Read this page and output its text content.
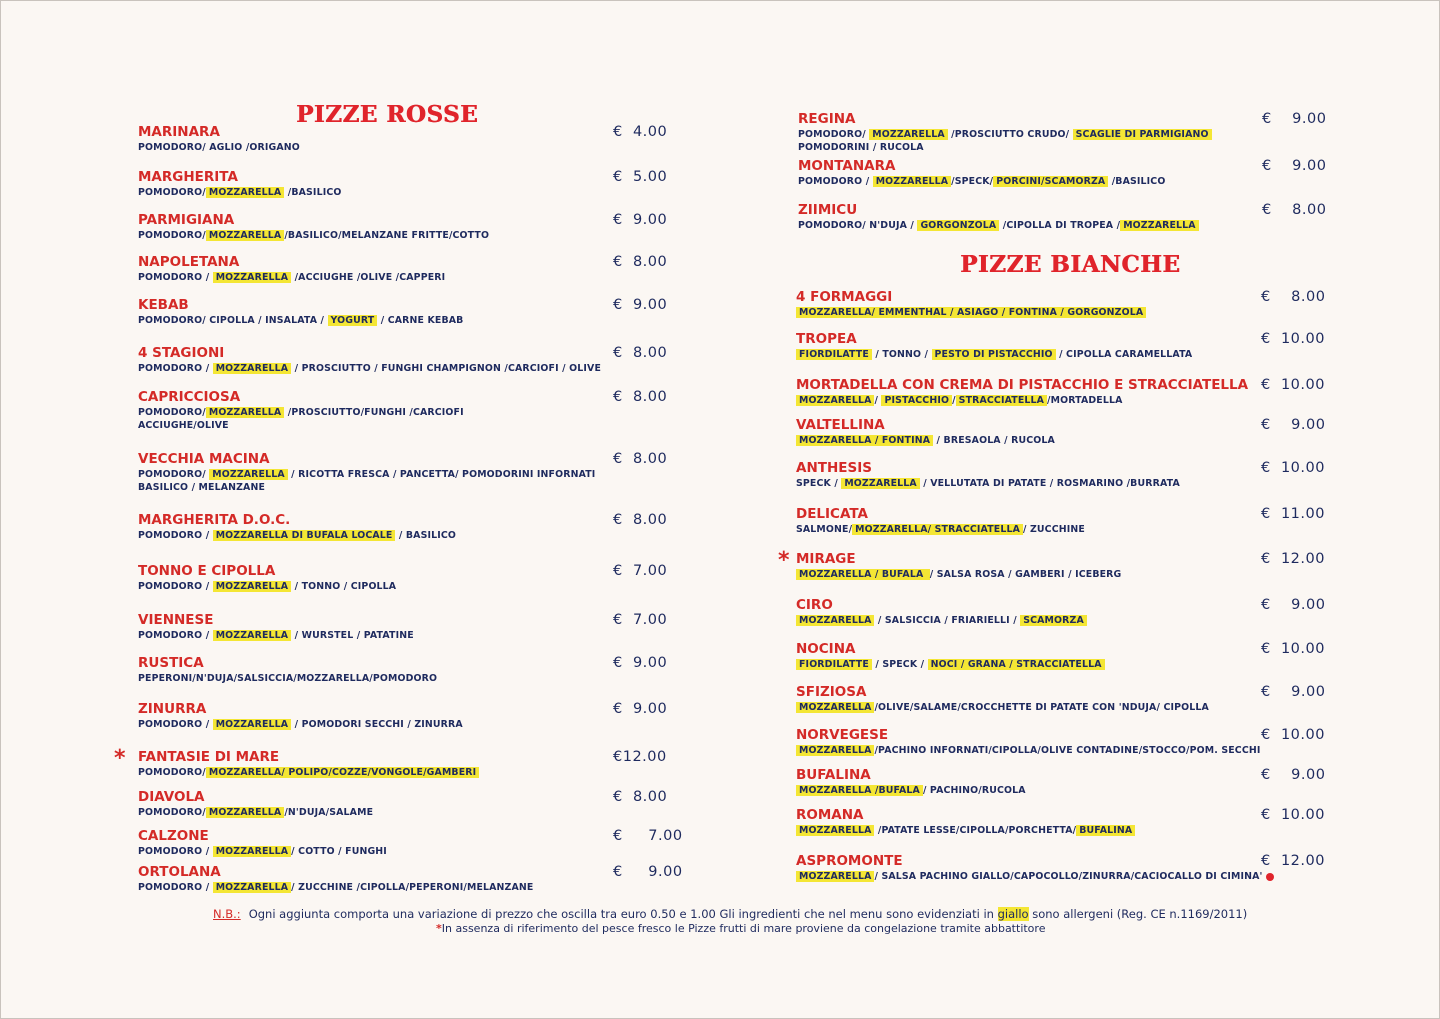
PIZZE ROSSE
PIZZE BIANCHE
MARINARA
POMODORO/ AGLIO /ORIGANO
€  4.00
MARGHERITA
POMODORO/ MOZZARELLA /BASILICO
€  5.00
PARMIGIANA
POMODORO/ MOZZARELLA /BASILICO/MELANZANE FRITTE/COTTO
€  9.00
NAPOLETANA
POMODORO / MOZZARELLA /ACCIUGHE /OLIVE /CAPPERI
€  8.00
KEBAB
POMODORO/ CIPOLLA / INSALATA / YOGURT / CARNE KEBAB
€  9.00
4 STAGIONI
POMODORO / MOZZARELLA / PROSCIUTTO / FUNGHI CHAMPIGNON /CARCIOFI / OLIVE
€  8.00
CAPRICCIOSA
POMODORO/ MOZZARELLA /PROSCIUTTO/FUNGHI /CARCIOFI
ACCIUGHE/OLIVE
€  8.00
VECCHIA MACINA
POMODORO/ MOZZARELLA / RICOTTA FRESCA / PANCETTA/ POMODORINI INFORNATI
BASILICO / MELANZANE
€  8.00
MARGHERITA D.O.C.
POMODORO / MOZZARELLA DI BUFALA LOCALE / BASILICO
€  8.00
TONNO E CIPOLLA
POMODORO / MOZZARELLA / TONNO / CIPOLLA
€  7.00
VIENNESE
POMODORO / MOZZARELLA / WURSTEL / PATATINE
€  7.00
RUSTICA
PEPERONI/N'DUJA/SALSICCIA/MOZZARELLA/POMODORO
€  9.00
ZINURRA
POMODORO / MOZZARELLA / POMODORI SECCHI / ZINURRA
€  9.00
FANTASIE DI MARE
POMODORO/ MOZZARELLA/ POLIPO/COZZE/VONGOLE/GAMBERI
€12.00
*
DIAVOLA
POMODORO/ MOZZARELLA /N'DUJA/SALAME
€  8.00
CALZONE
POMODORO / MOZZARELLA / COTTO / FUNGHI
€     7.00
ORTOLANA
POMODORO / MOZZARELLA / ZUCCHINE /CIPOLLA/PEPERONI/MELANZANE
€     9.00
REGINA
POMODORO/ MOZZARELLA /PROSCIUTTO CRUDO/ SCAGLIE DI PARMIGIANO
POMODORINI / RUCOLA
€    9.00
MONTANARA
POMODORO / MOZZARELLA /SPECK/ PORCINI/SCAMORZA /BASILICO
€    9.00
ZIIMICU
POMODORO/ N'DUJA / GORGONZOLA /CIPOLLA DI TROPEA / MOZZARELLA
€    8.00
4 FORMAGGI
MOZZARELLA/ EMMENTHAL / ASIAGO / FONTINA / GORGONZOLA
€    8.00
TROPEA
FIORDILATTE / TONNO / PESTO DI PISTACCHIO / CIPOLLA CARAMELLATA
€  10.00
MORTADELLA CON CREMA DI PISTACCHIO E STRACCIATELLA
MOZZARELLA / PISTACCHIO / STRACCIATELLA /MORTADELLA
€  10.00
VALTELLINA
MOZZARELLA / FONTINA / BRESAOLA / RUCOLA
€    9.00
ANTHESIS
SPECK / MOZZARELLA / VELLUTATA DI PATATE / ROSMARINO /BURRATA
€  10.00
DELICATA
SALMONE/ MOZZARELLA/ STRACCIATELLA / ZUCCHINE
€  11.00
MIRAGE
MOZZARELLA / BUFALA / SALSA ROSA / GAMBERI / ICEBERG
€  12.00
*
CIRO
MOZZARELLA / SALSICCIA / FRIARIELLI / SCAMORZA
€    9.00
NOCINA
FIORDILATTE / SPECK / NOCI / GRANA / STRACCIATELLA
€  10.00
SFIZIOSA
MOZZARELLA /OLIVE/SALAME/CROCCHETTE DI PATATE CON 'NDUJA/ CIPOLLA
€    9.00
NORVEGESE
MOZZARELLA /PACHINO INFORNATI/CIPOLLA/OLIVE CONTADINE/STOCCO/POM. SECCHI
€  10.00
BUFALINA
MOZZARELLA /BUFALA / PACHINO/RUCOLA
€    9.00
ROMANA
MOZZARELLA /PATATE LESSE/CIPOLLA/PORCHETTA/ BUFALINA
€  10.00
ASPROMONTE
MOZZARELLA / SALSA PACHINO GIALLO/CAPOCOLLO/ZINURRA/CACIOCALLO DI CIMINA'
€  12.00
N.B.: Ogni aggiunta comporta una variazione di prezzo che oscilla tra euro 0.50 e 1.00 Gli ingredienti che nel menu sono evidenziati in giallo sono allergeni (Reg. CE n.1169/2011)
*In assenza di riferimento del pesce fresco le Pizze frutti di mare proviene da congelazione tramite abbattitore
